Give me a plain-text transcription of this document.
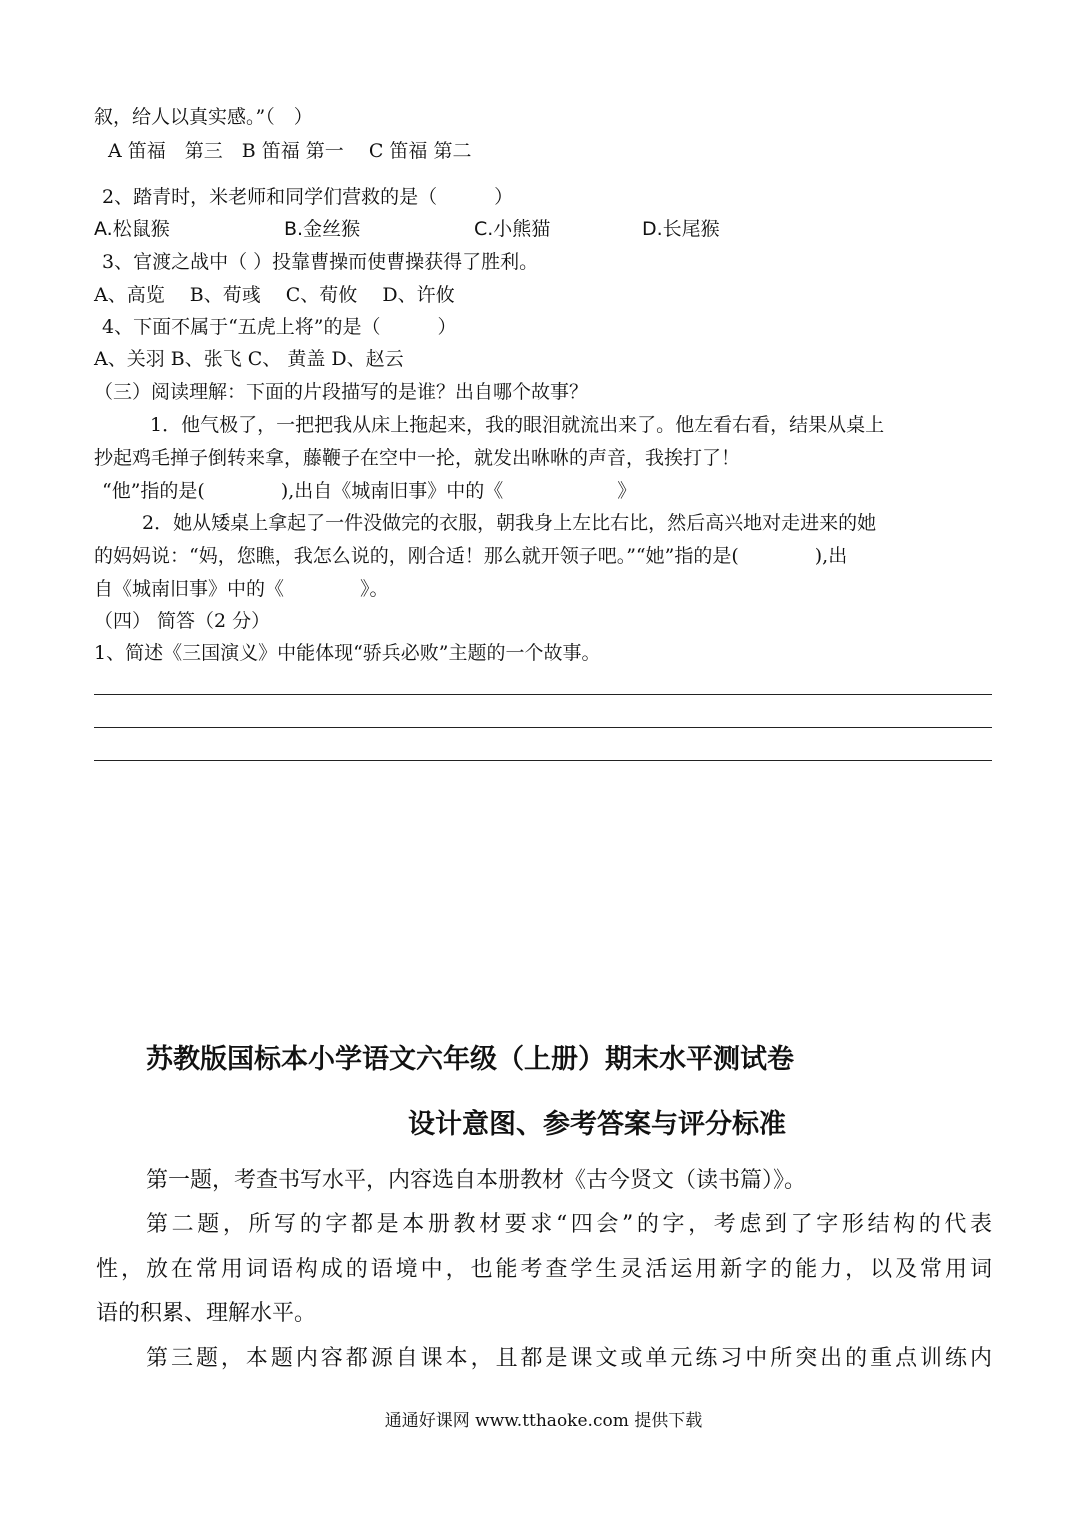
叙，给人以真实感。”（　）
A 笛福　第三　B 笛福 第一　 C 笛福 第二
2、踏青时，米老师和同学们营救的是（　　　）
A.松鼠猴	B.金丝猴	C.小熊猫	D.长尾猴
3、官渡之战中（ ）投靠曹操而使曹操获得了胜利。
A、高览　 B、荀彧　 C、荀攸　 D、许攸
4、下面不属于“五虎上将”的是（　　　）
A、关羽 B、张飞 C、 黄盖 D、赵云
（三）阅读理解：下面的片段描写的是谁？出自哪个故事？
1．他气极了，一把把我从床上拖起来，我的眼泪就流出来了。他左看右看，结果从桌上
抄起鸡毛掸子倒转来拿，藤鞭子在空中一抡，就发出咻咻的声音，我挨打了！
“他”指的是(　　　　),出自《城南旧事》中的《　　　　　　》
2．她从矮桌上拿起了一件没做完的衣服，朝我身上左比右比，然后高兴地对走进来的她
的妈妈说：“妈，您瞧，我怎么说的，刚合适！那么就开领子吧。”“她”指的是(　　　　),出
自《城南旧事》中的《　　　　》。
（四） 简答（2 分）
1、简述《三国演义》中能体现“骄兵必败”主题的一个故事。
苏教版国标本小学语文六年级（上册）期末水平测试卷
设计意图、参考答案与评分标准
第一题，考查书写水平，内容选自本册教材《古今贤文（读书篇）》。
第二题，所写的字都是本册教材要求“四会”的字，考虑到了字形结构的代表
性，放在常用词语构成的语境中，也能考查学生灵活运用新字的能力，以及常用词
语的积累、理解水平。
第三题，本题内容都源自课本，且都是课文或单元练习中所突出的重点训练内
通通好课网 www.tthaoke.com 提供下载
